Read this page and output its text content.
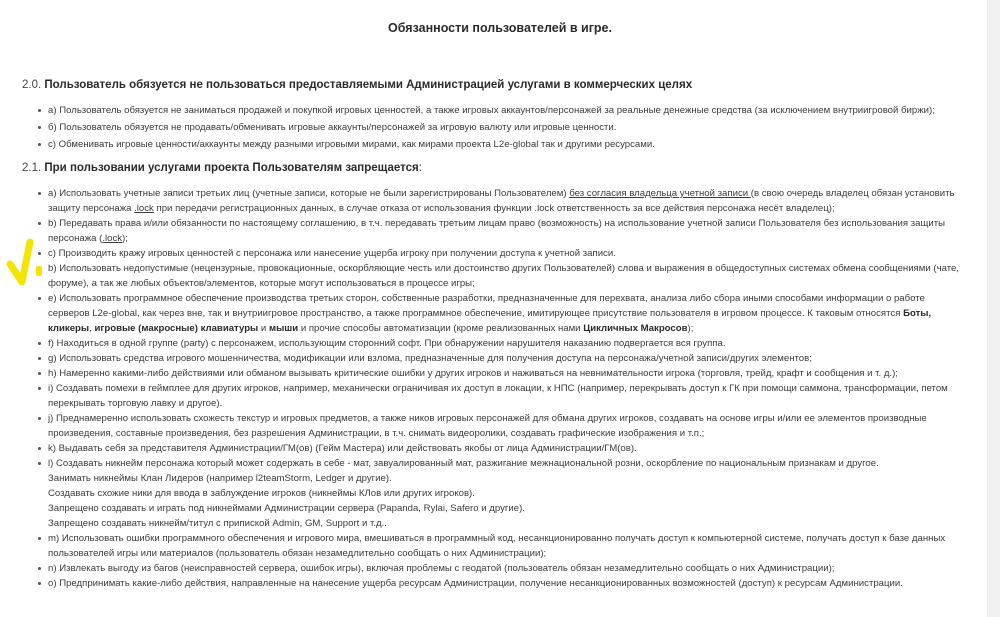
Обязанности пользователей в игре.
2.0. Пользователь обязуется не пользоваться предоставляемыми Администрацией услугами в коммерческих целях
а) Пользователь обязуется не заниматься продажей и покупкой игровых ценностей, а также игровых аккаунтов/персонажей за реальные денежные средства (за исключением внутриигровой биржи);
б) Пользователь обязуется не продавать/обменивать игровые аккаунты/персонажей за игровую валюту или игровые ценности.
с) Обменивать игровые ценности/аккаунты между разными игровыми мирами, как мирами проекта L2e-global так и другими ресурсами.
2.1. При пользовании услугами проекта Пользователям запрещается:
а) Использовать учетные записи третьих лиц (учетные записи, которые не были зарегистрированы Пользователем) без согласия владельца учетной записи (в свою очередь владелец обязан установить защиту персонажа .lock при передачи регистрационных данных, в случае отказа от использования функции .lock ответственность за все действия персонажа несёт владелец);
b) Передавать права и/или обязанности по настоящему соглашению, в т.ч. передавать третьим лицам право (возможность) на использование учетной записи Пользователя без использования защиты персонажа (.lock);
с) Производить кражу игровых ценностей с персонажа или нанесение ущерба игроку при получении доступа к учетной записи.
b) Использовать недопустимые (нецензурные, провокационные, оскорбляющие честь или достоинство других Пользователей) слова и выражения в общедоступных системах обмена сообщениями (чате, форуме), а так же любых объектов/элементов, которые могут использоваться в процессе игры;
е) Использовать программное обеспечение производства третьих сторон, собственные разработки, предназначенные для перехвата, анализа либо сбора иными способами информации о работе серверов L2e-global, как через вне, так и внутриигровое пространство, а также программное обеспечение, имитирующее присутствие пользователя в игровом процессе. К таковым относятся Боты, кликеры, игровые (макросные) клавиатуры и мыши и прочие способы автоматизации (кроме реализованных нами Цикличных Макросов);
f) Находиться в одной группе (party) с персонажем, использующим сторонний софт. При обнаружении нарушителя наказанию подвергается вся группа.
g) Использовать средства игрового мошенничества, модификации или взлома, предназначенные для получения доступа на персонажа/учетной записи/других элементов;
h) Намеренно какими-либо действиями или обманом вызывать критические ошибки у других игроков и наживаться на невнимательности игрока (торговля, трейд, крафт и сообщения и т. д.);
i) Создавать помехи в геймплее для других игроков, например, механически ограничивая их доступ в локации, к НПС (например, перекрывать доступ к ГК при помощи саммона, трансформации, петом перекрывать торговую лавку и другое).
j) Преднамеренно использовать схожесть текстур и игровых предметов, а также ников игровых персонажей для обмана других игроков, создавать на основе игры и/или ее элементов производные произведения, составные произведения, без разрешения Администрации, в т.ч. снимать видеоролики, создавать графические изображения и т.п.;
k) Выдавать себя за представителя Администрации/ГМ(ов) (Гейм Мастера) или действовать якобы от лица Администрации/ГМ(ов).
l) Создавать никнейм персонажа который может содержать в себе - мат, завуалированный мат, разжигание межнациональной розни, оскорбление по национальным признакам и другое.
Занимать никнеймы Клан Лидеров (например l2teamStorm, Ledger и другие).
Создавать схожие ники для ввода в заблуждение игроков (никнеймы КЛов или других игроков).
Запрещено создавать и играть под никнеймами Администрации сервера (Papanda, Rylai, Safero и другие).
Запрещено создавать никнейм/титул с припиской Admin, GM, Support и т.д..
m) Использовать ошибки программного обеспечения и игрового мира, вмешиваться в программный код, несанкционированно получать доступ к компьютерной системе, получать доступ к базе данных пользователей игры или материалов (пользователь обязан незамедлительно сообщать о них Администрации);
n) Извлекать выгоду из багов (неисправностей сервера, ошибок игры), включая проблемы с геодатой (пользователь обязан незамедлительно сообщать о них Администрации);
о) Предпринимать какие-либо действия, направленные на нанесение ущерба ресурсам Администрации, получение несанкционированных возможностей (доступ) к ресурсам Администрации.
